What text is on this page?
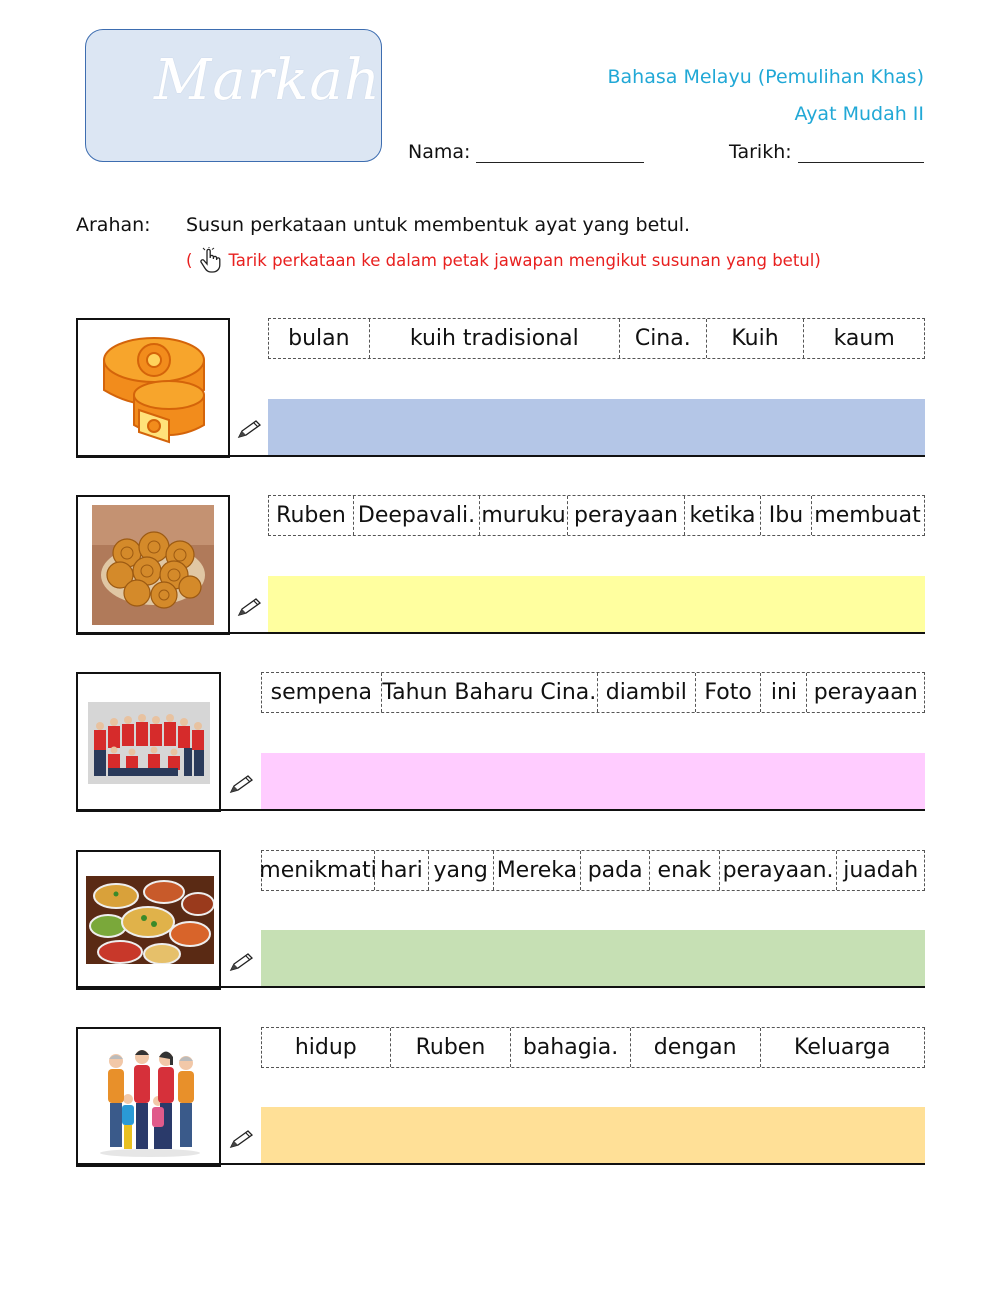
Markah	Bahasa Melayu (Pemulihan Khas)
Ayat Mudah II
Nama:	Tarikh:
Arahan: Susun perkataan untuk membentuk ayat yang betul.
( Tarik perkataan ke dalam petak jawapan mengikut susunan yang betul)
bulan	kuih tradisional	Cina.	Kuih	kaum
Ruben Deepavali. muruku perayaan ketika Ibu membuat
sempena Tahun Baharu Cina. diambil Foto ini perayaan
menikmati hari yang Mereka pada enak perayaan. juadah
hidup	Ruben	bahagia.	dengan	Keluarga
